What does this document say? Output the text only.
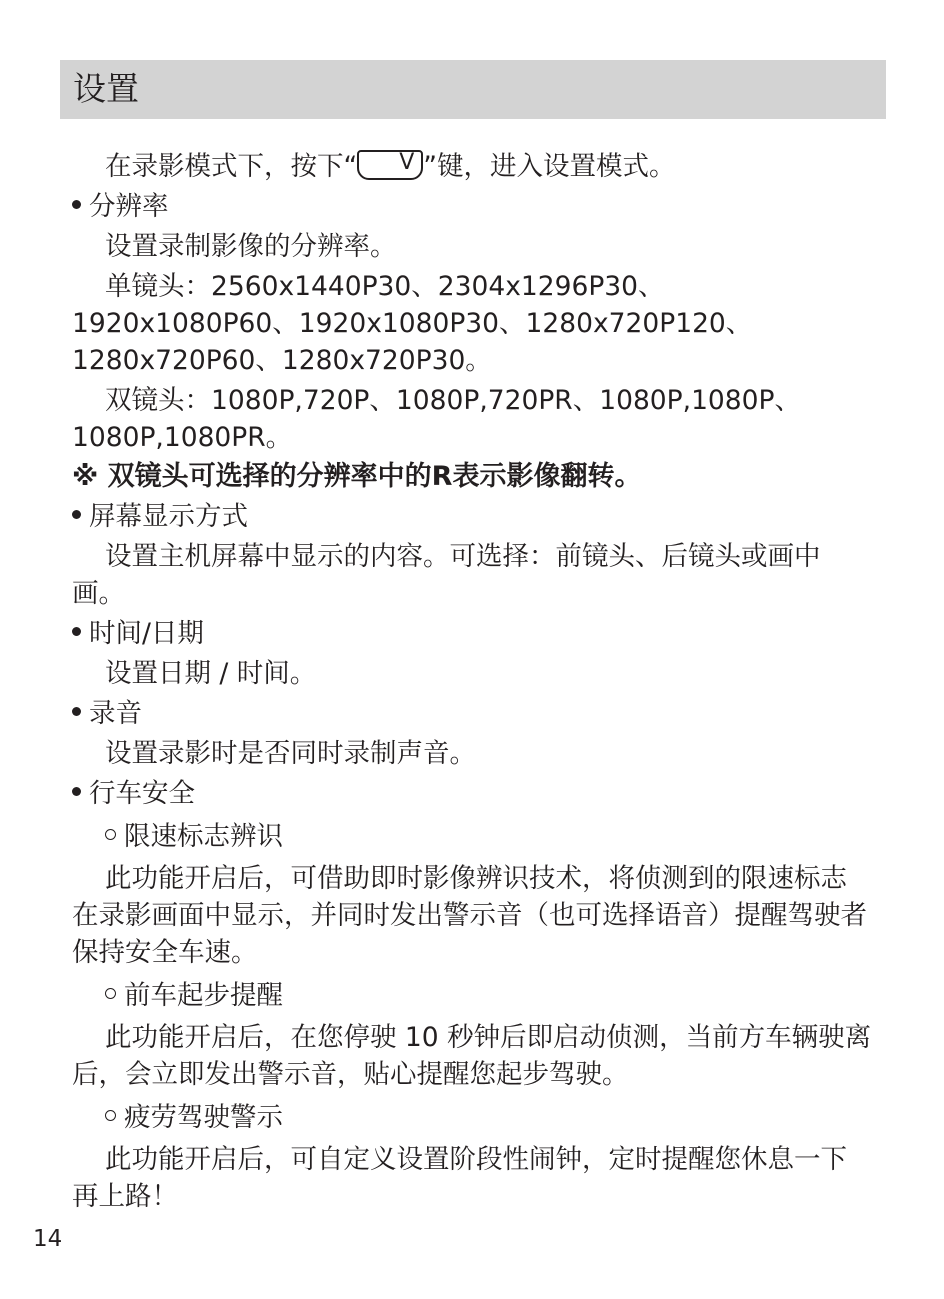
设置

在录影模式下，按下“ V ”键，进入设置模式。

分辨率

设置录制影像的分辨率。

单镜头：2560x1440P30、2304x1296P30、1920x1080P60、1920x1080P30、1280x720P120、1280x720P60、1280x720P30。

双镜头：1080P,720P、1080P,720PR、1080P,1080P、1080P,1080PR。

※ 双镜头可选择的分辨率中的R表示影像翻转。

屏幕显示方式

设置主机屏幕中显示的内容。可选择：前镜头、后镜头或画中画。

时间/日期

设置日期 / 时间。

录音

设置录影时是否同时录制声音。

行车安全

限速标志辨识

此功能开启后，可借助即时影像辨识技术，将侦测到的限速标志在录影画面中显示，并同时发出警示音（也可选择语音）提醒驾驶者保持安全车速。

前车起步提醒

此功能开启后，在您停驶 10 秒钟后即启动侦测，当前方车辆驶离后，会立即发出警示音，贴心提醒您起步驾驶。

疲劳驾驶警示

此功能开启后，可自定义设置阶段性闹钟，定时提醒您休息一下再上路！

14
